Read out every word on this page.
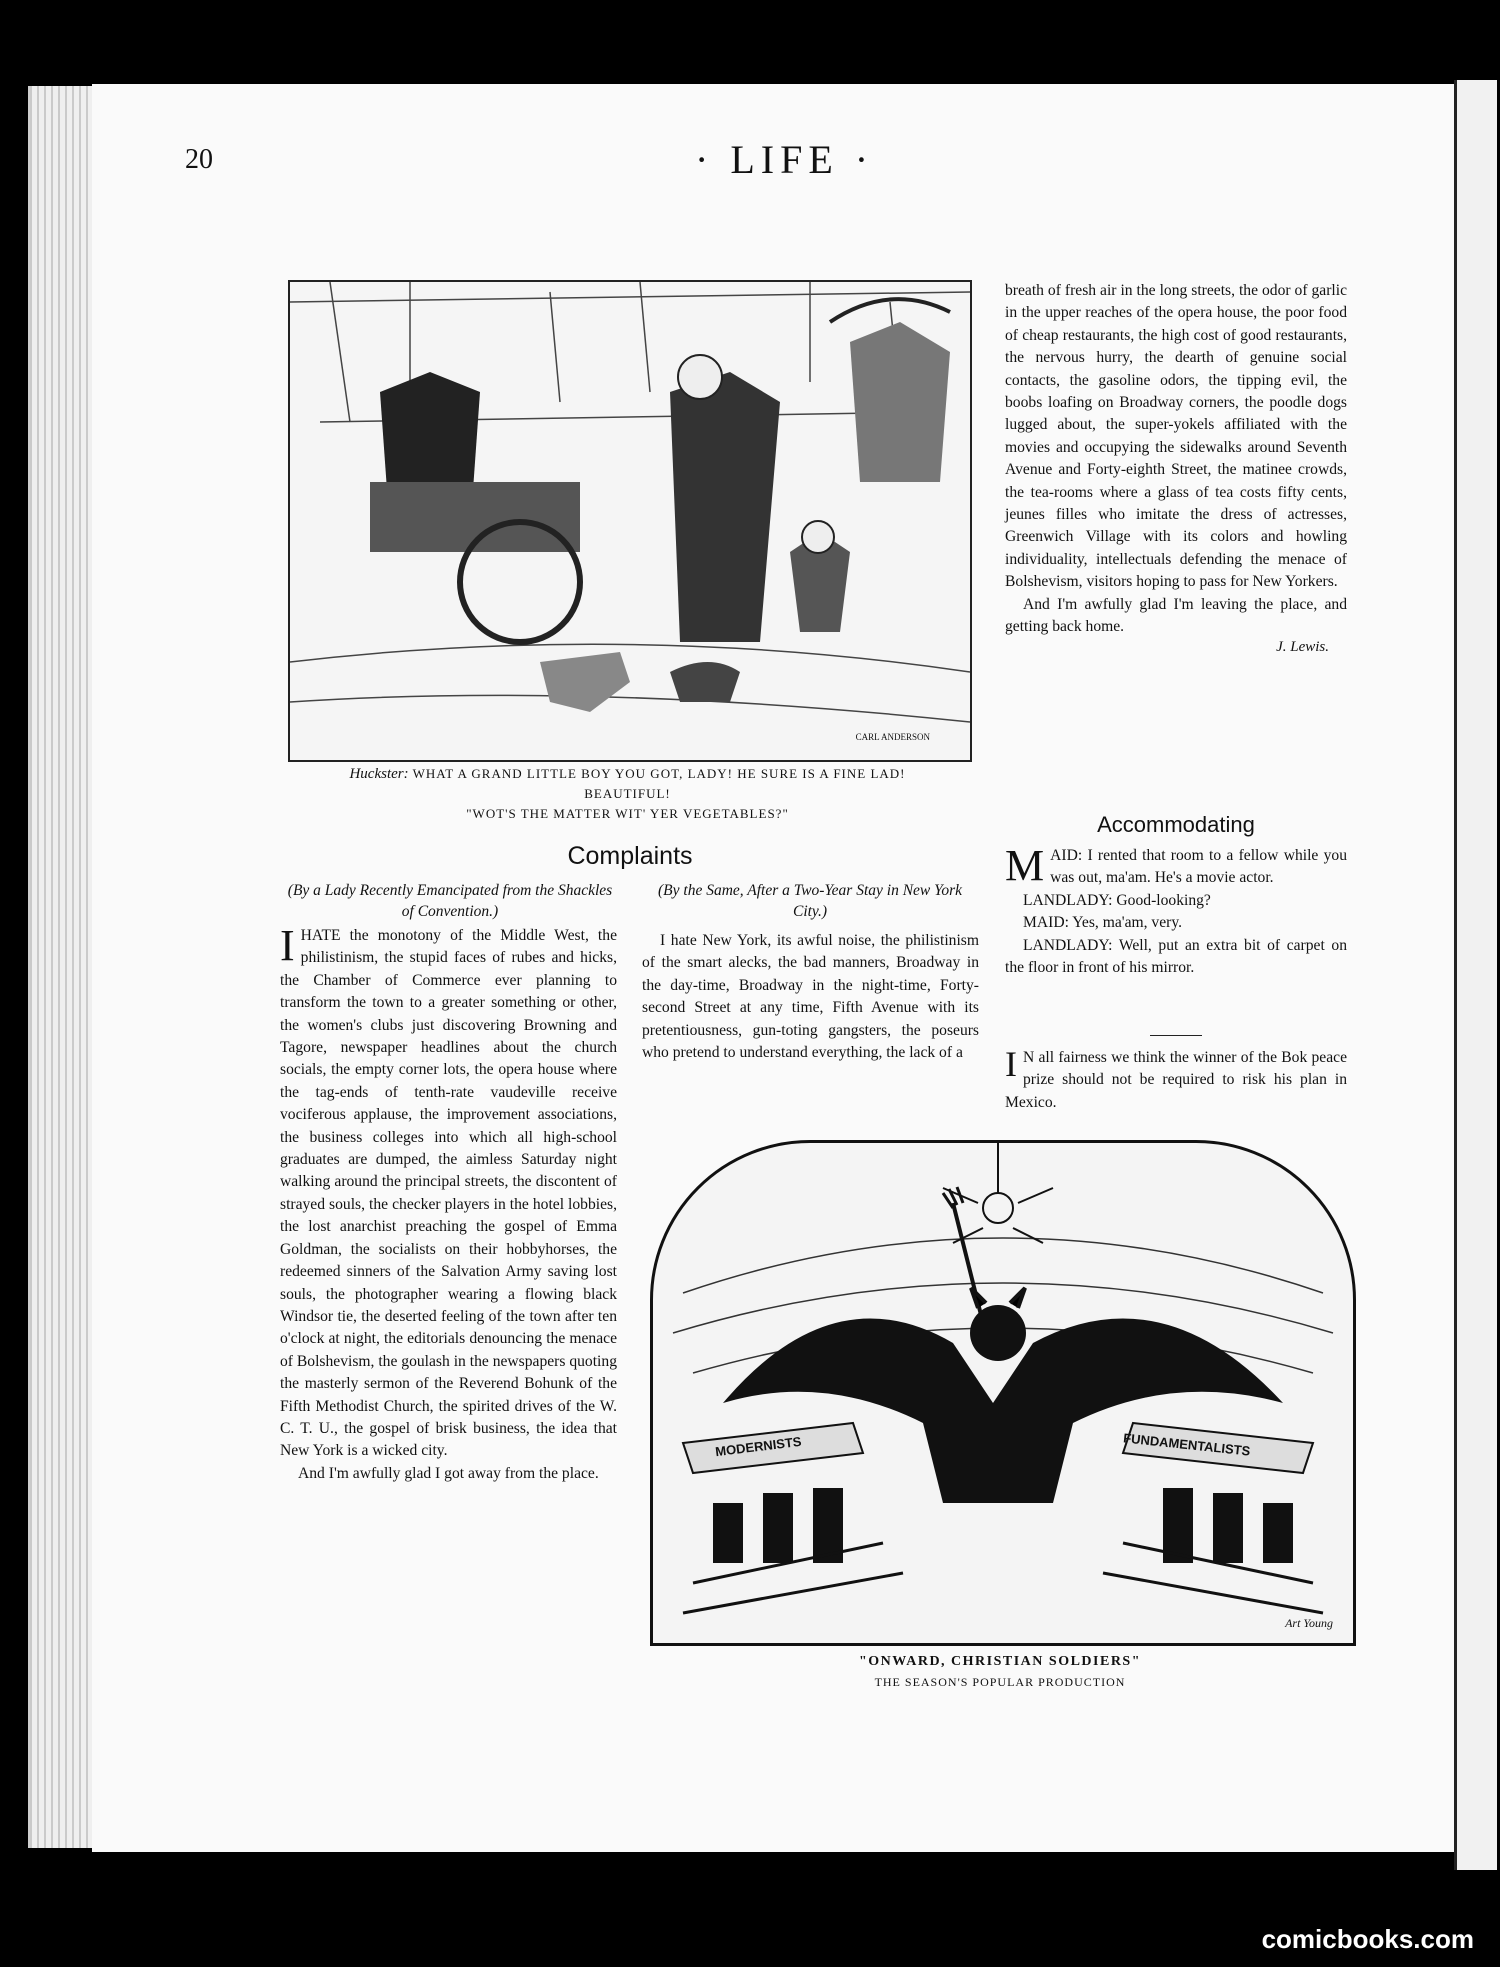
20	· LIFE ·
CARL ANDERSON
Huckster: WHAT A GRAND LITTLE BOY YOU GOT, LADY! HE SURE IS A FINE LAD!
BEAUTIFUL!
"WOT'S THE MATTER WIT' YER VEGETABLES?"

breath of fresh air in the long streets, the odor of garlic in the upper reaches of the opera house, the poor food of cheap restaurants, the high cost of good restaurants, the nervous hurry, the dearth of genuine social contacts, the gasoline odors, the tipping evil, the boobs loafing on Broadway corners, the poodle dogs lugged about, the super-yokels affiliated with the movies and occupying the sidewalks around Seventh Avenue and Forty-eighth Street, the matinee crowds, the tea-rooms where a glass of tea costs fifty cents, jeunes filles who imitate the dress of actresses, Greenwich Village with its colors and howling individuality, intellectuals defending the menace of Bolshevism, visitors hoping to pass for New Yorkers.

And I'm awfully glad I'm leaving the place, and getting back home.

J. Lewis.
Accommodating

MAID: I rented that room to a fellow while you was out, ma'am. He's a movie actor.

LANDLADY: Good-looking?

MAID: Yes, ma'am, very.

LANDLADY: Well, put an extra bit of carpet on the floor in front of his mirror.

I N all fairness we think the winner of the Bok peace prize should not be required to risk his plan in Mexico.

Complaints
(By a Lady Recently Emancipated from the Shackles of Convention.)
(By the Same, After a Two-Year Stay in New York City.)

IHATE the monotony of the Middle West, the philistinism, the stupid faces of rubes and hicks, the Chamber of Commerce ever planning to transform the town to a greater something or other, the women's clubs just discovering Browning and Tagore, newspaper headlines about the church socials, the empty corner lots, the opera house where the tag-ends of tenth-rate vaudeville receive vociferous applause, the improvement associations, the business colleges into which all high-school graduates are dumped, the aimless Saturday night walking around the principal streets, the discontent of strayed souls, the checker players in the hotel lobbies, the lost anarchist preaching the gospel of Emma Goldman, the socialists on their hobbyhorses, the redeemed sinners of the Salvation Army saving lost souls, the photographer wearing a flowing black Windsor tie, the deserted feeling of the town after ten o'clock at night, the editorials denouncing the menace of Bolshevism, the goulash in the newspapers quoting the masterly sermon of the Reverend Bohunk of the Fifth Methodist Church, the spirited drives of the W. C. T. U., the gospel of brisk business, the idea that New York is a wicked city.

And I'm awfully glad I got away from the place.

I hate New York, its awful noise, the philistinism of the smart alecks, the bad manners, Broadway in the day-time, Broadway in the night-time, Forty-second Street at any time, Fifth Avenue with its pretentiousness, gun-toting gangsters, the poseurs who pretend to understand everything, the lack of a

MODERNISTS	FUNDAMENTALISTS
Art Young
"ONWARD, CHRISTIAN SOLDIERS"
THE SEASON'S POPULAR PRODUCTION
comicbooks.com
